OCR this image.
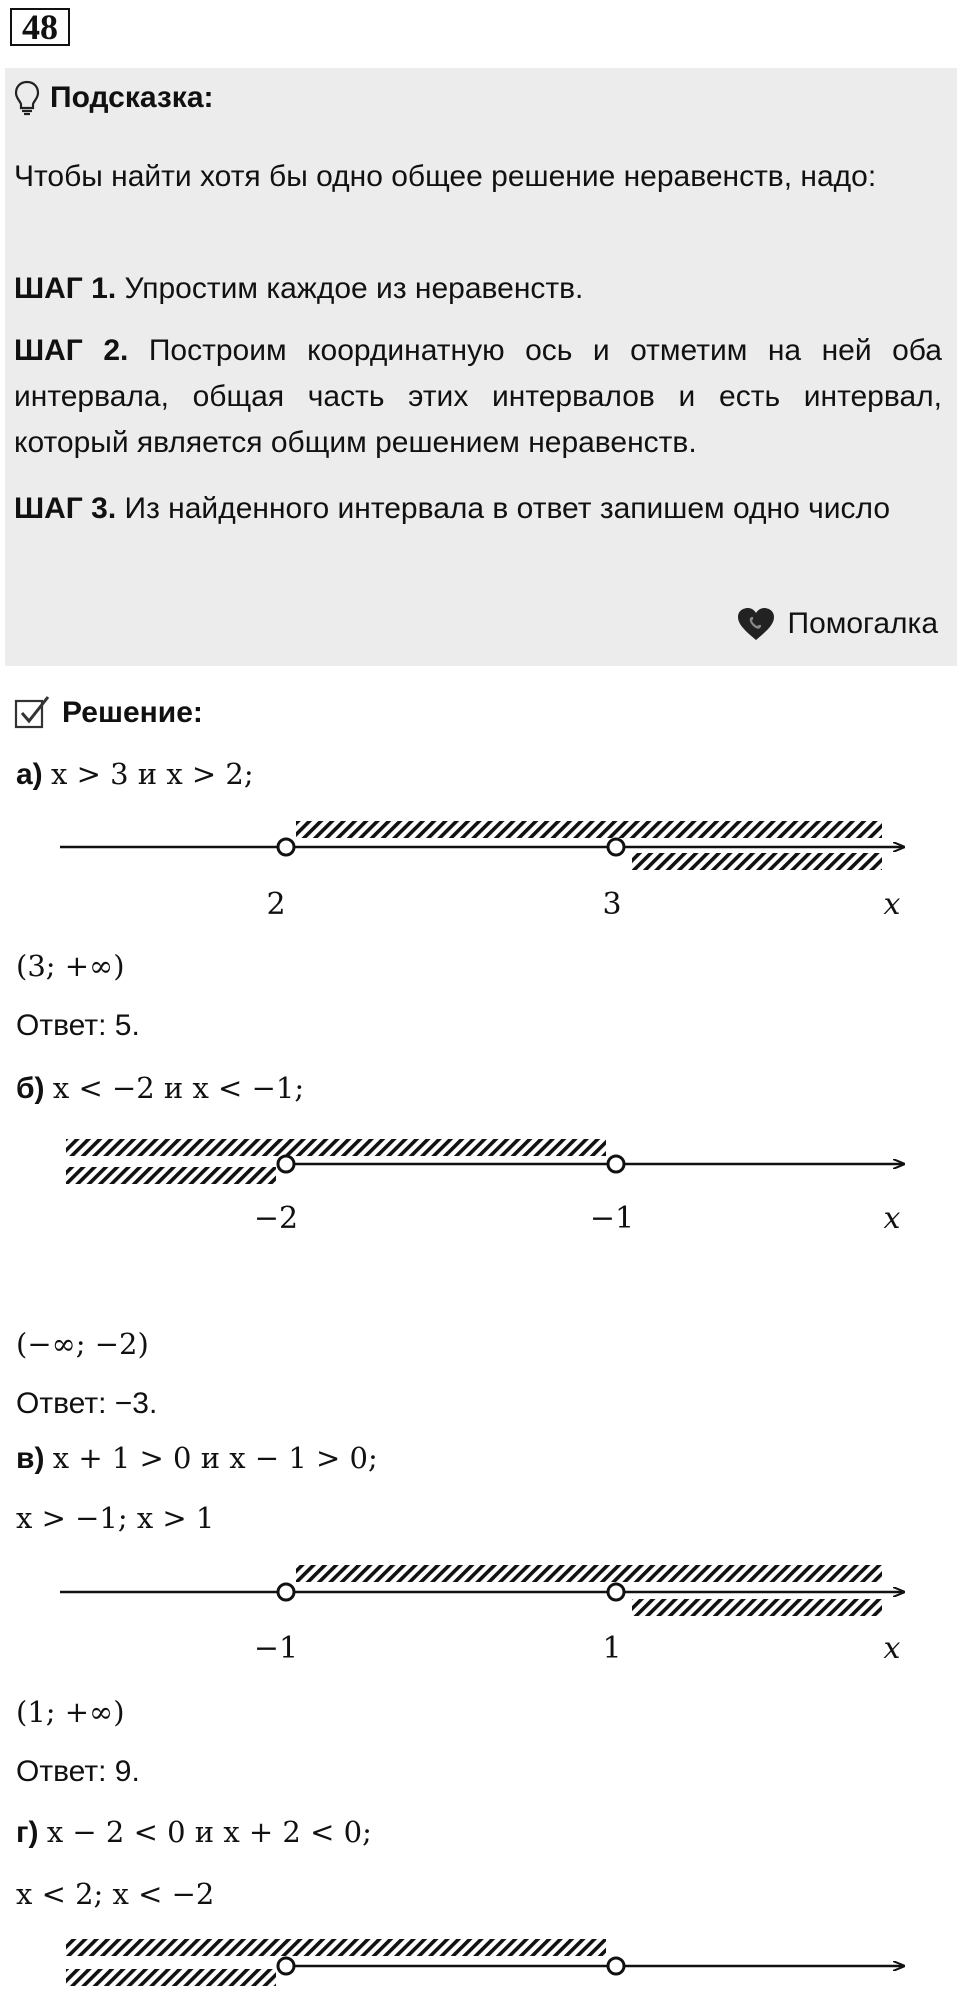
48
Подсказка:

Чтобы найти хотя бы одно общее решение неравенств, надо:

ШАГ 1. Упростим каждое из неравенств.

ШАГ 2. Построим координатную ось и отметим на ней оба интервала, общая часть этих интервалов и есть интервал, который является общим решением неравенств.

ШАГ 3. Из найденного интервала в ответ запишем одно число

Помогалка
Решение:
а) x > 3 и x > 2;
2	3	x
(3; +∞)
Ответ: 5.
б) x < −2 и x < −1;
−2	−1	x
(−∞; −2)
Ответ: −3.
в) x + 1 > 0 и x − 1 > 0;
x > −1; x > 1
−1	1	x
(1; +∞)
Ответ: 9.
г) x − 2 < 0 и x + 2 < 0;
x < 2; x < −2
